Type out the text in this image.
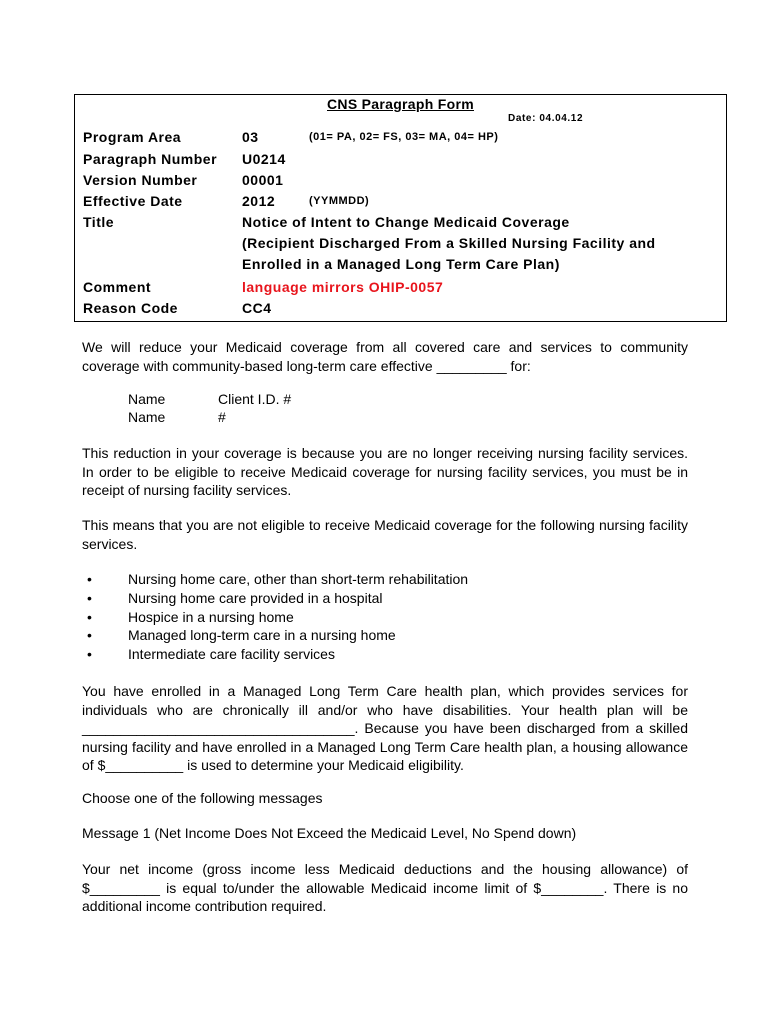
CNS Paragraph Form
Date: 04.04.12
Program Area	03	(01= PA, 02= FS, 03= MA, 04= HP)
Paragraph Number U0214
Version Number	00001
Effective Date	2012	(YYMMDD)
Title	Notice of Intent to Change Medicaid Coverage
(Recipient Discharged From a Skilled Nursing Facility and
Enrolled in a Managed Long Term Care Plan)
Comment	language mirrors OHIP-0057
Reason Code	CC4
We will reduce your Medicaid coverage from all covered care and services to community coverage with community-based long-term care effective _________ for:
Name	Client I.D. #
Name	#
This reduction in your coverage is because you are no longer receiving nursing facility services. In order to be eligible to receive Medicaid coverage for nursing facility services, you must be in receipt of nursing facility services.
This means that you are not eligible to receive Medicaid coverage for the following nursing facility services.
•	Nursing home care, other than short-term rehabilitation
•	Nursing home care provided in a hospital
•	Hospice in a nursing home
•	Managed long-term care in a nursing home
•	Intermediate care facility services
You have enrolled in a Managed Long Term Care health plan, which provides services for individuals who are chronically ill and/or who have disabilities. Your health plan will be ___________________________________. Because you have been discharged from a skilled nursing facility and have enrolled in a Managed Long Term Care health plan, a housing allowance of $__________ is used to determine your Medicaid eligibility.
Choose one of the following messages
Message 1 (Net Income Does Not Exceed the Medicaid Level, No Spend down)
Your net income (gross income less Medicaid deductions and the housing allowance) of $_________ is equal to/under the allowable Medicaid income limit of $________. There is no additional income contribution required.
